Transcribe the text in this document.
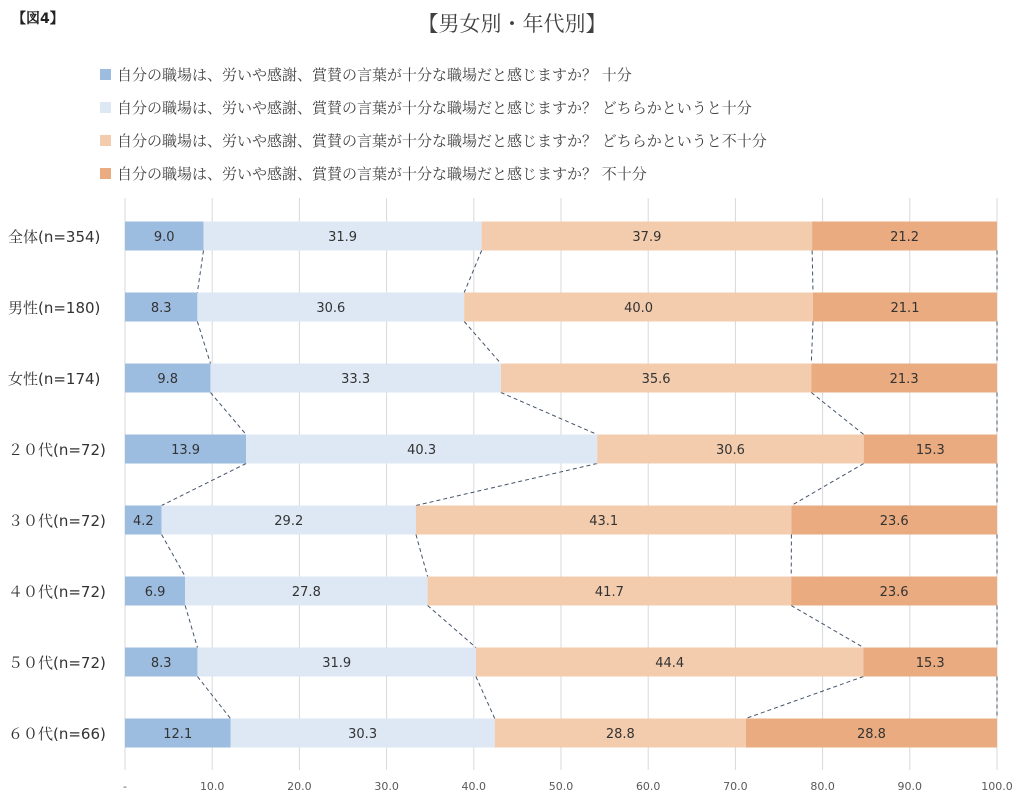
【図4】	【男女別・年代別】
自分の職場は、労いや感謝、賞賛の言葉が十分な職場だと感じますか？ 十分
自分の職場は、労いや感謝、賞賛の言葉が十分な職場だと感じますか？ どちらかというと十分
自分の職場は、労いや感謝、賞賛の言葉が十分な職場だと感じますか？ どちらかというと不十分
自分の職場は、労いや感謝、賞賛の言葉が十分な職場だと感じますか？ 不十分
-	10.0	20.0	30.0	40.0	50.0	60.0	70.0	80.0	90.0	100.0
9.0	31.9	37.9	21.2
全体(n=354)
8.3	30.6	40.0	21.1
男性(n=180)
9.8	33.3	35.6	21.3
女性(n=174)
13.9	40.3	30.6	15.3
２０代(n=72)
4.2	29.2	43.1	23.6
３０代(n=72)
6.9	27.8	41.7	23.6
４０代(n=72)
8.3	31.9	44.4	15.3
５０代(n=72)
12.1	30.3	28.8	28.8
６０代(n=66)
